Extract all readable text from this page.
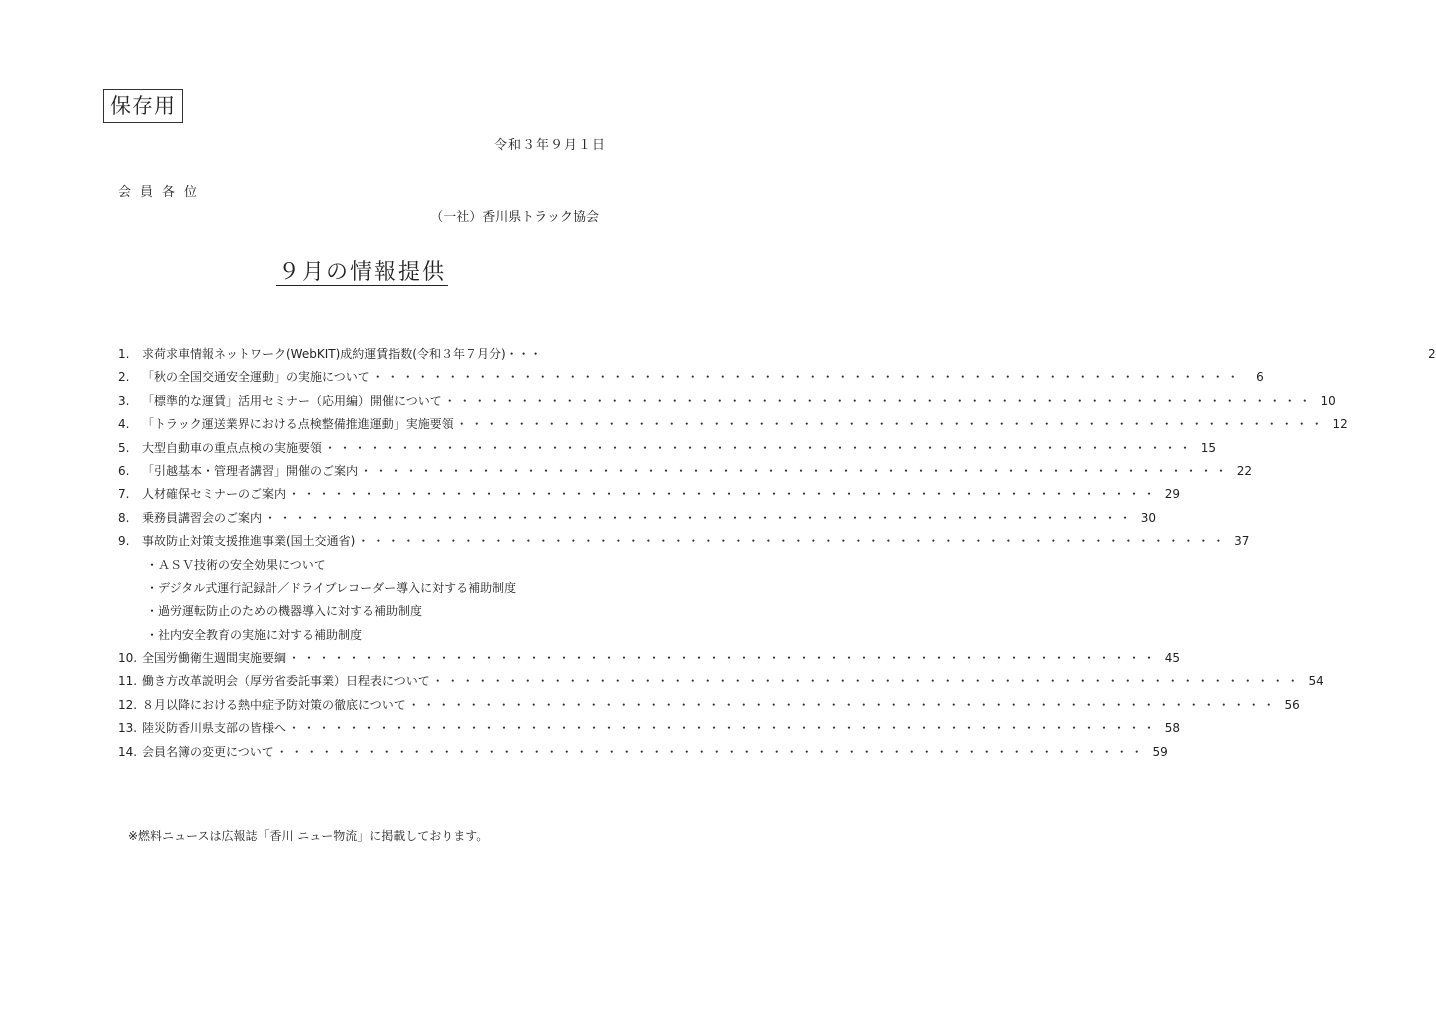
保存用
令和３年９月１日
会員各位
（一社）香川県トラック協会
９月の情報提供
1.	求荷求車情報ネットワーク(WebKIT)成約運賃指数(令和３年７月分)・・・	2
2.	「秋の全国交通安全運動」の実施について ・・・・・・・・・・・・・・・・・・・・・・・・・・・・・・・・・・・・・・・・・・・・・・・・・・・・・・・・・・	6
3.	「標準的な運賃」活用セミナー（応用編）開催について ・・・・・・・・・・・・・・・・・・・・・・・・・・・・・・・・・・・・・・・・・・・・・・・・・・・・・・・・・・	10
4.	「トラック運送業界における点検整備推進運動」実施要領 ・・・・・・・・・・・・・・・・・・・・・・・・・・・・・・・・・・・・・・・・・・・・・・・・・・・・・・・・・・	12
5.	大型自動車の重点点検の実施要領 ・・・・・・・・・・・・・・・・・・・・・・・・・・・・・・・・・・・・・・・・・・・・・・・・・・・・・・・・・・	15
6.	「引越基本・管理者講習」開催のご案内 ・・・・・・・・・・・・・・・・・・・・・・・・・・・・・・・・・・・・・・・・・・・・・・・・・・・・・・・・・・	22
7.	人材確保セミナーのご案内 ・・・・・・・・・・・・・・・・・・・・・・・・・・・・・・・・・・・・・・・・・・・・・・・・・・・・・・・・・・	29
8.	乗務員講習会のご案内 ・・・・・・・・・・・・・・・・・・・・・・・・・・・・・・・・・・・・・・・・・・・・・・・・・・・・・・・・・・	30
9.	事故防止対策支援推進事業(国土交通省) ・・・・・・・・・・・・・・・・・・・・・・・・・・・・・・・・・・・・・・・・・・・・・・・・・・・・・・・・・・	37
・ＡＳＶ技術の安全効果について
・デジタル式運行記録計／ドライブレコーダー導入に対する補助制度
・過労運転防止のための機器導入に対する補助制度
・社内安全教育の実施に対する補助制度
10. 全国労働衛生週間実施要綱 ・・・・・・・・・・・・・・・・・・・・・・・・・・・・・・・・・・・・・・・・・・・・・・・・・・・・・・・・・・	45
11. 働き方改革説明会（厚労省委託事業）日程表について ・・・・・・・・・・・・・・・・・・・・・・・・・・・・・・・・・・・・・・・・・・・・・・・・・・・・・・・・・・	54
12. ８月以降における熱中症予防対策の徹底について ・・・・・・・・・・・・・・・・・・・・・・・・・・・・・・・・・・・・・・・・・・・・・・・・・・・・・・・・・・	56
13. 陸災防香川県支部の皆様へ ・・・・・・・・・・・・・・・・・・・・・・・・・・・・・・・・・・・・・・・・・・・・・・・・・・・・・・・・・・	58
14. 会員名簿の変更について ・・・・・・・・・・・・・・・・・・・・・・・・・・・・・・・・・・・・・・・・・・・・・・・・・・・・・・・・・・	59
※燃料ニュースは広報誌「香川 ニュー物流」に掲載しております。
